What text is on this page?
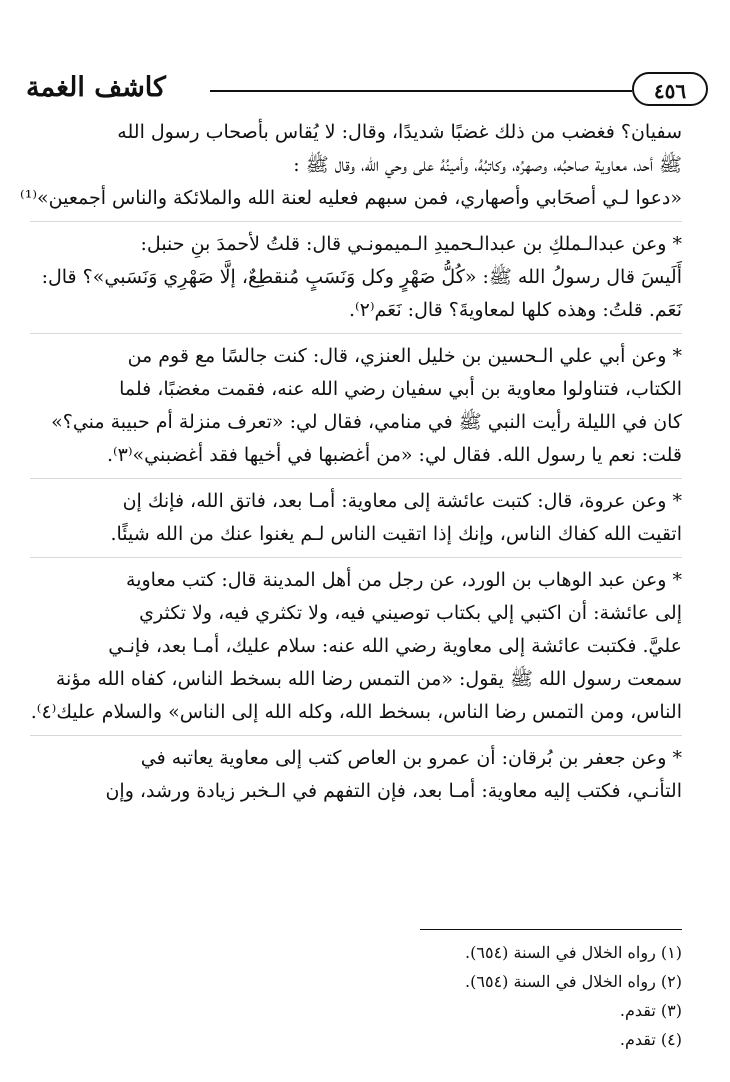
كاشف الغمة	٤٥٦
سفيان؟ فغضب من ذلك غضبًا شديدًا، وقال: لا يُقاس بأصحاب رسول الله
ﷺ أحد، معاوية صاحبُه، وصهرُه، وكاتبُهُ، وأمينُهُ على وحي الله، وقال ﷺ :
«دعوا لـي أصحَابي وأصهاري، فمن سبهم فعليه لعنة الله والملائكة والناس أجمعين»⁽¹⁾
* وعن عبدالـملكِ بن عبدالـحميدِ الـميمونـي قال: قلتُ لأحمدَ بنِ حنبل:
أَلَيسَ قال رسولُ الله ﷺ: «كُلُّ صَهْرٍ وكل وَنَسَبٍ مُنقطِعٌ، إلَّا صَهْرِي وَنَسَبي»؟ قال:
نَعَم. قلتُ: وهذه كلها لمعاويةَ؟ قال: نَعَم⁽٢⁾.
* وعن أبي علي الـحسين بن خليل العنزي، قال: كنت جالسًا مع قوم من
الكتاب، فتناولوا معاوية بن أبي سفيان رضي الله عنه، فقمت مغضبًا، فلما
كان في الليلة رأيت النبي ﷺ في منامي، فقال لي: «تعرف منزلة أم حبيبة مني؟»
قلت: نعم يا رسول الله. فقال لي: «من أغضبها في أخيها فقد أغضبني»⁽٣⁾.
* وعن عروة، قال: كتبت عائشة إلى معاوية: أمـا بعد، فاتق الله، فإنك إن
اتقيت الله كفاك الناس، وإنك إذا اتقيت الناس لـم يغنوا عنك من الله شيئًا.
* وعن عبد الوهاب بن الورد، عن رجل من أهل المدينة قال: كتب معاوية
إلى عائشة: أن اكتبي إلي بكتاب توصيني فيه، ولا تكثري فيه، ولا تكثري
عليَّ. فكتبت عائشة إلى معاوية رضي الله عنه: سلام عليك، أمـا بعد، فإنـي
سمعت رسول الله ﷺ يقول: «من التمس رضا الله بسخط الناس، كفاه الله مؤنة
الناس، ومن التمس رضا الناس، بسخط الله، وكله الله إلى الناس» والسلام عليك⁽٤⁾.
* وعن جعفر بن بُرقان: أن عمرو بن العاص كتب إلى معاوية يعاتبه في
التأنـي، فكتب إليه معاوية: أمـا بعد، فإن التفهم في الـخبر زيادة ورشد، وإن
(١) رواه الخلال في السنة (٦٥٤).
(٢) رواه الخلال في السنة (٦٥٤).
(٣) تقدم.
(٤) تقدم.
